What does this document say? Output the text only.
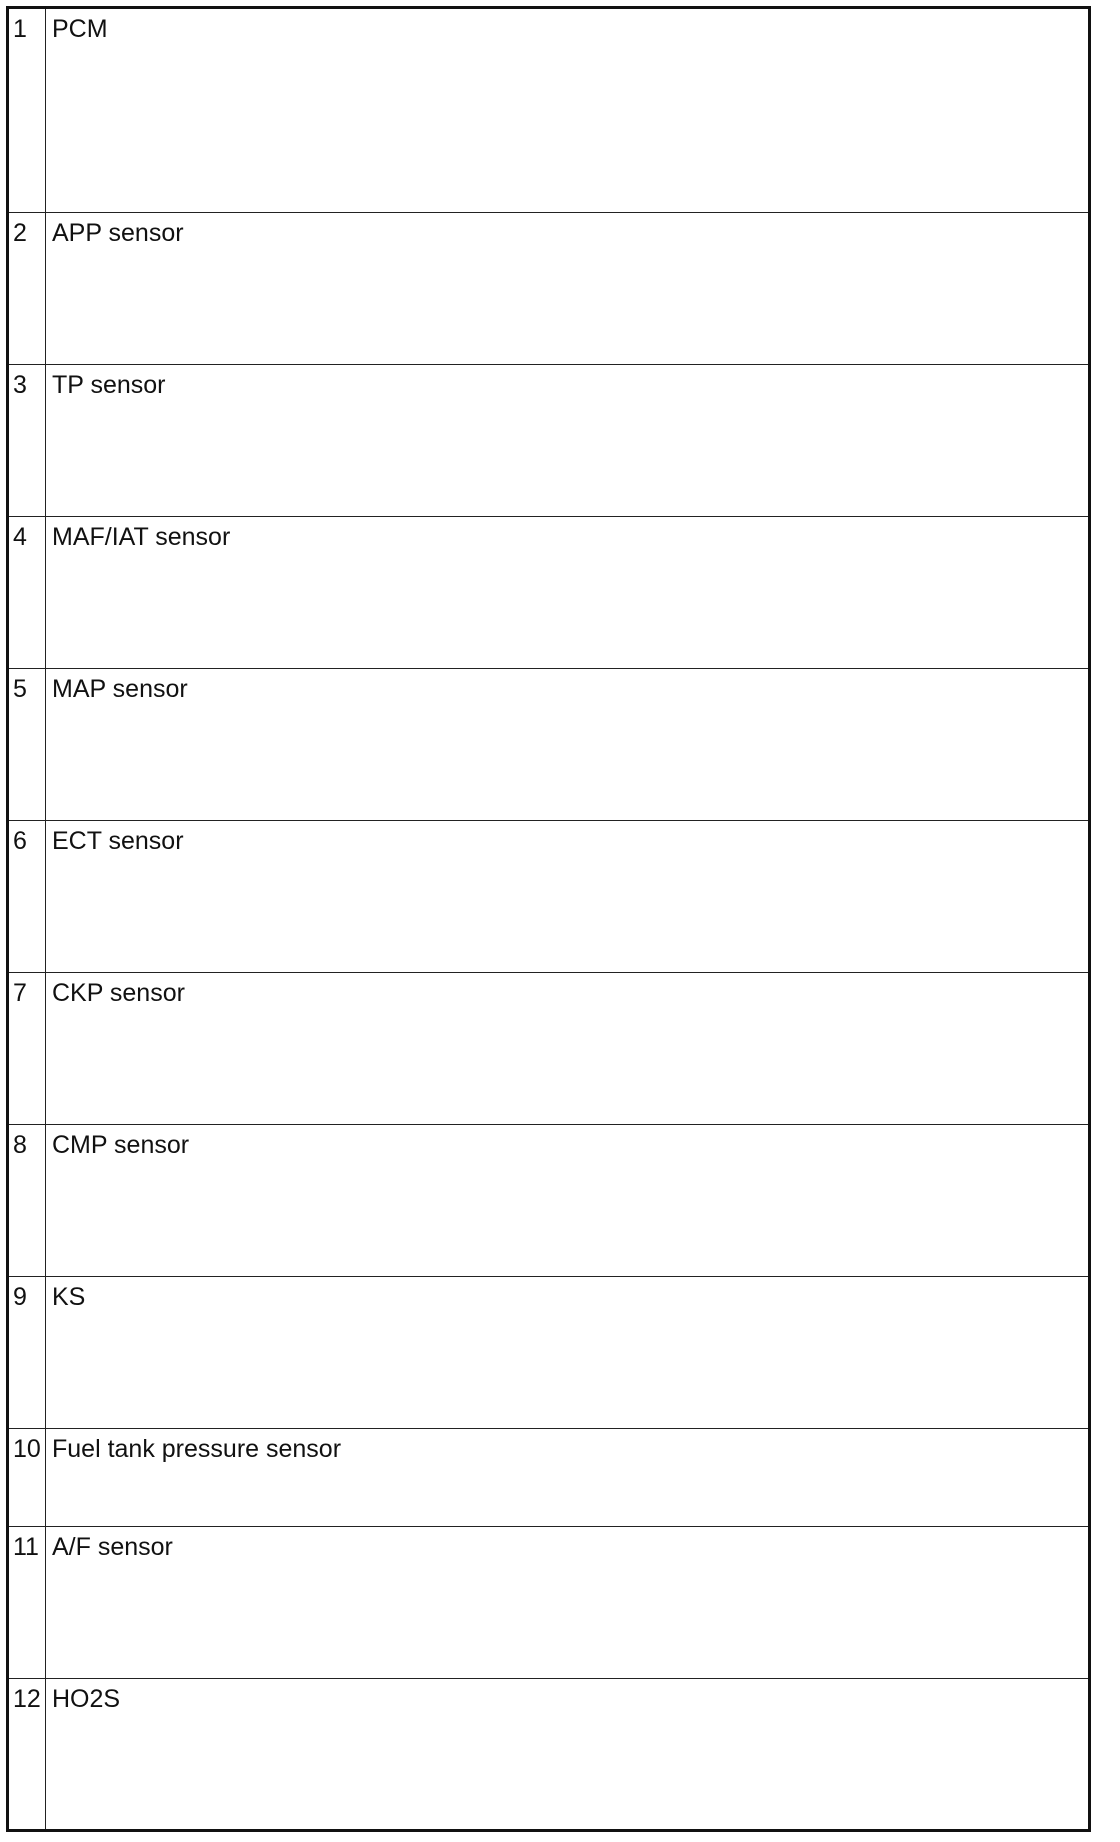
1	PCM
2	APP sensor
3	TP sensor
4	MAF/IAT sensor
5	MAP sensor
6	ECT sensor
7	CKP sensor
8	CMP sensor
9	KS
10	Fuel tank pressure sensor
11	A/F sensor
12	HO2S
